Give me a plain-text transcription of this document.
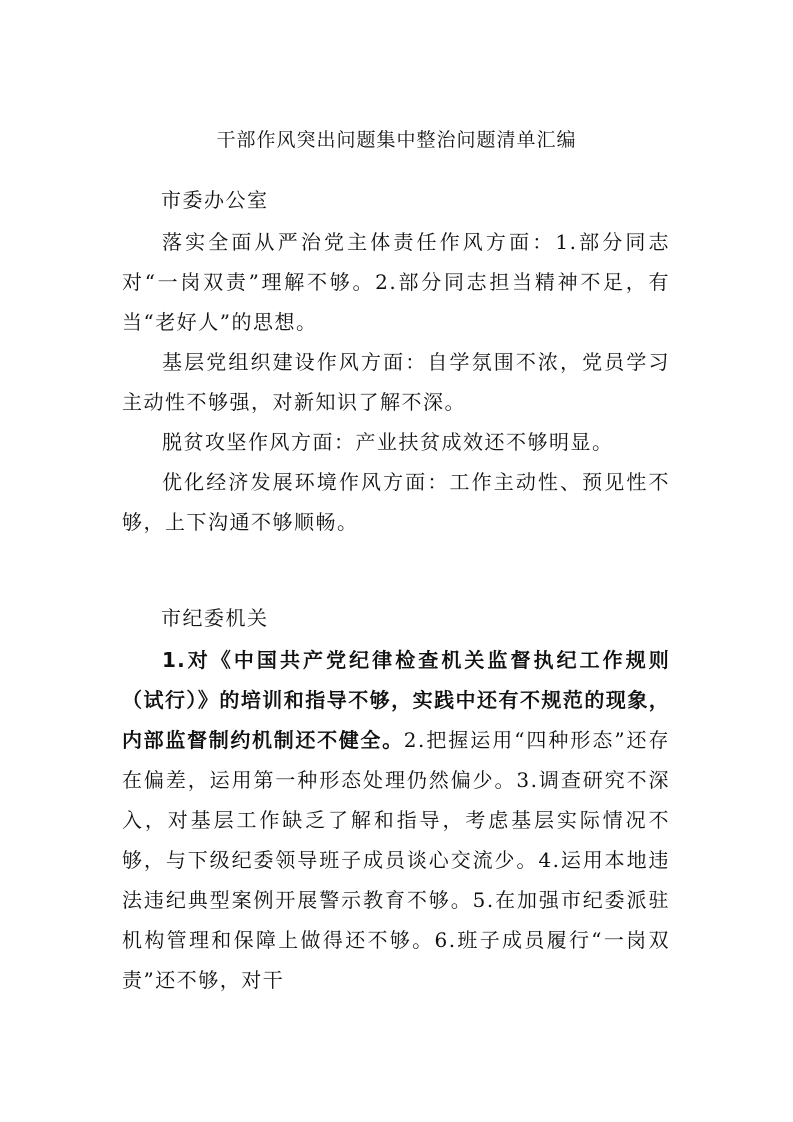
干部作风突出问题集中整治问题清单汇编
市委办公室

落实全面从严治党主体责任作风方面：1.部分同志对“一岗双责”理解不够。2.部分同志担当精神不足，有当“老好人”的思想。

基层党组织建设作风方面：自学氛围不浓，党员学习主动性不够强，对新知识了解不深。

脱贫攻坚作风方面：产业扶贫成效还不够明显。

优化经济发展环境作风方面：工作主动性、预见性不够，上下沟通不够顺畅。

市纪委机关

1.对《中国共产党纪律检查机关监督执纪工作规则（试行）》的培训和指导不够，实践中还有不规范的现象，内部监督制约机制还不健全。2.把握运用“四种形态”还存在偏差，运用第一种形态处理仍然偏少。3.调查研究不深入，对基层工作缺乏了解和指导，考虑基层实际情况不够，与下级纪委领导班子成员谈心交流少。4.运用本地违法违纪典型案例开展警示教育不够。5.在加强市纪委派驻机构管理和保障上做得还不够。6.班子成员履行“一岗双责”还不够，对干
